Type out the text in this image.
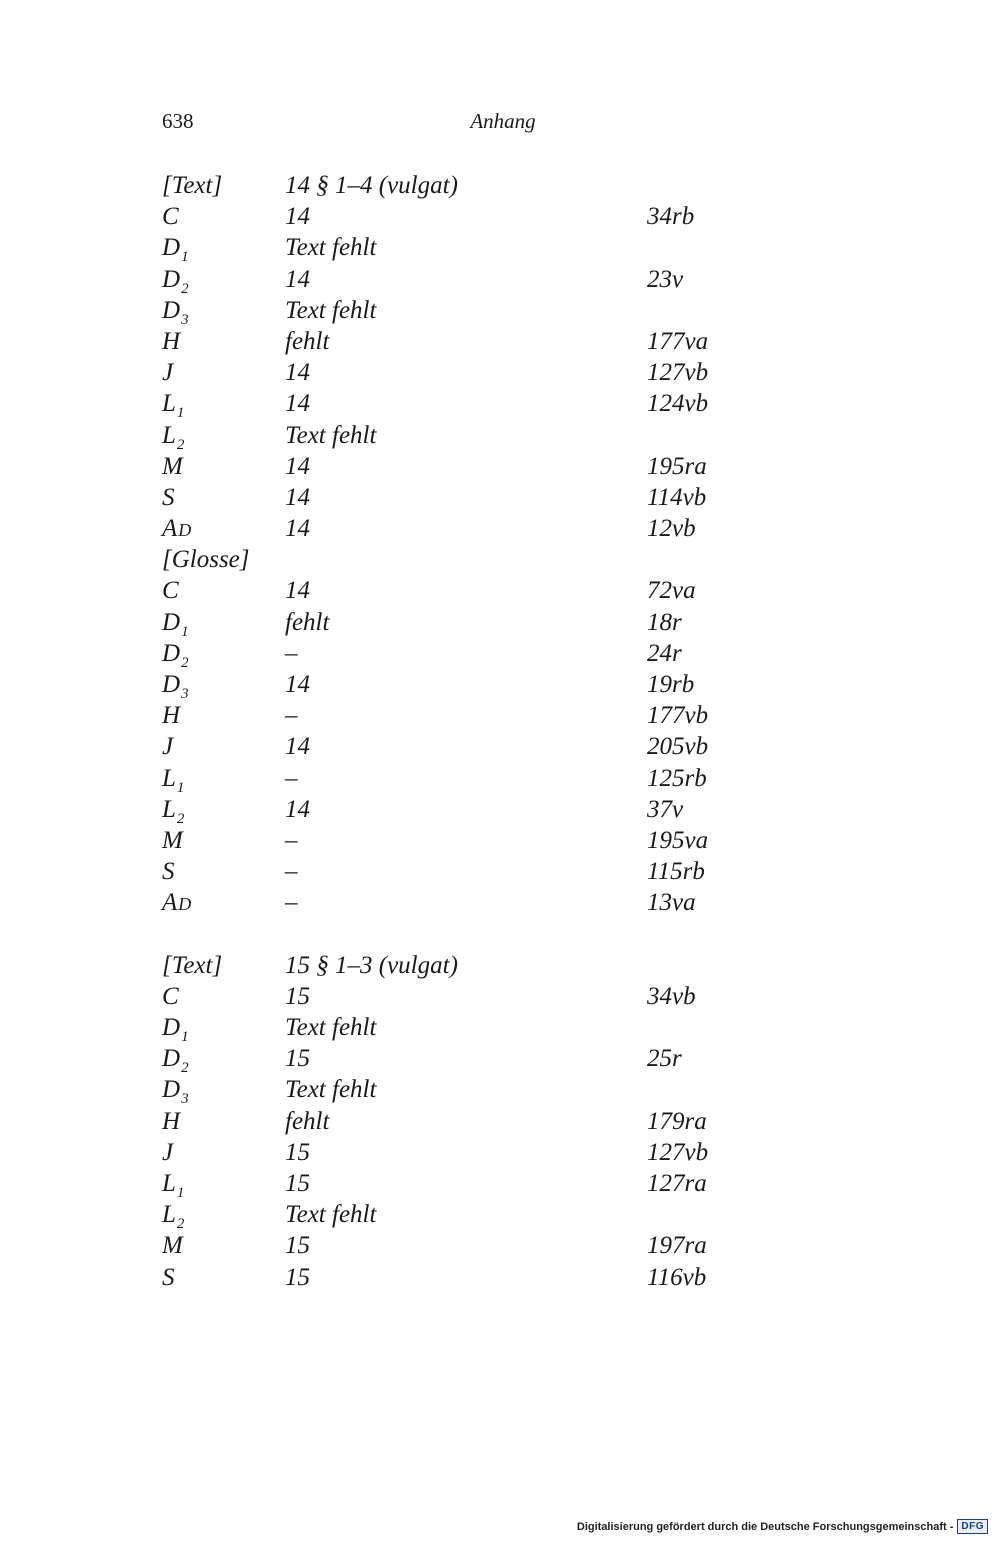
638	Anhang
[Text]	14 § 1–4 (vulgat)
C	14	34rb
$D_1$	Text fehlt
$D_2$	14	23v
$D_3$	Text fehlt
H	fehlt	177va
J	14	127vb
$L_1$	14	124vb
$L_2$	Text fehlt
M	14	195ra
S	14	114vb
AD	14	12vb
[Glosse]
C	14	72va
$D_1$	fehlt	18r
$D_2$	–	24r
$D_3$	14	19rb
H	–	177vb
J	14	205vb
$L_1$	–	125rb
$L_2$	14	37v
M	–	195va
S	–	115rb
AD	–	13va
[Text]	15 § 1–3 (vulgat)
C	15	34vb
$D_1$	Text fehlt
$D_2$	15	25r
$D_3$	Text fehlt
H	fehlt	179ra
J	15	127vb
$L_1$	15	127ra
$L_2$	Text fehlt
M	15	197ra
S	15	116vb
Digitalisierung gefördert durch die Deutsche Forschungsgemeinschaft - DFG
